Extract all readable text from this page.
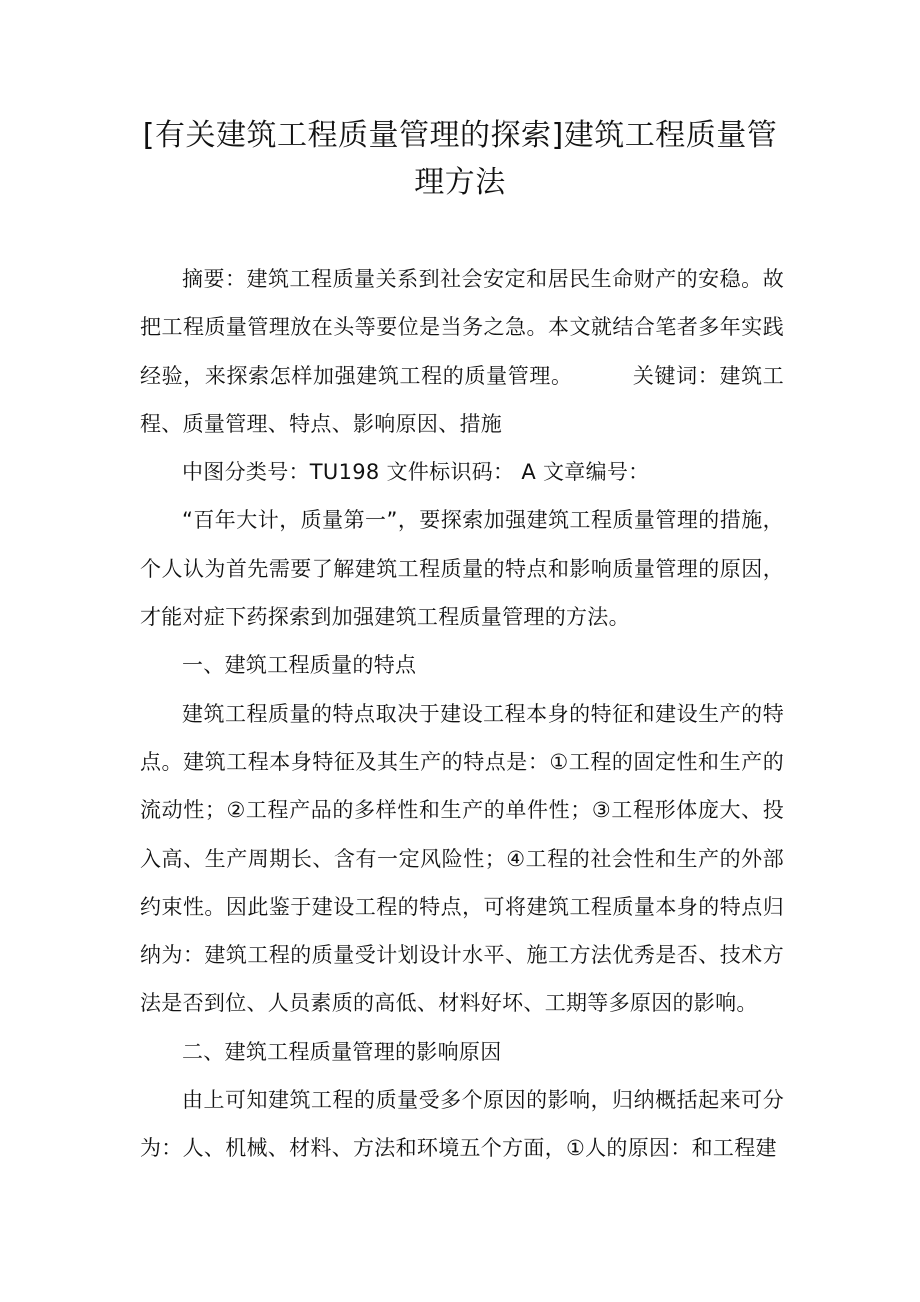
[有关建筑工程质量管理的探索]建筑工程质量管理方法

摘要：建筑工程质量关系到社会安定和居民生命财产的安稳。故把工程质量管理放在头等要位是当务之急。本文就结合笔者多年实践经验，来探索怎样加强建筑工程的质量管理。	关键词：建筑工程、质量管理、特点、影响原因、措施

中图分类号：TU198 文件标识码： A 文章编号：

“百年大计，质量第一”，要探索加强建筑工程质量管理的措施，个人认为首先需要了解建筑工程质量的特点和影响质量管理的原因，才能对症下药探索到加强建筑工程质量管理的方法。

一、建筑工程质量的特点

建筑工程质量的特点取决于建设工程本身的特征和建设生产的特点。建筑工程本身特征及其生产的特点是：①工程的固定性和生产的流动性；②工程产品的多样性和生产的单件性；③工程形体庞大、投入高、生产周期长、含有一定风险性；④工程的社会性和生产的外部约束性。因此鉴于建设工程的特点，可将建筑工程质量本身的特点归纳为：建筑工程的质量受计划设计水平、施工方法优秀是否、技术方法是否到位、人员素质的高低、材料好坏、工期等多原因的影响。

二、建筑工程质量管理的影响原因

由上可知建筑工程的质量受多个原因的影响，归纳概括起来可分为：人、机械、材料、方法和环境五个方面，①人的原因：和工程建
